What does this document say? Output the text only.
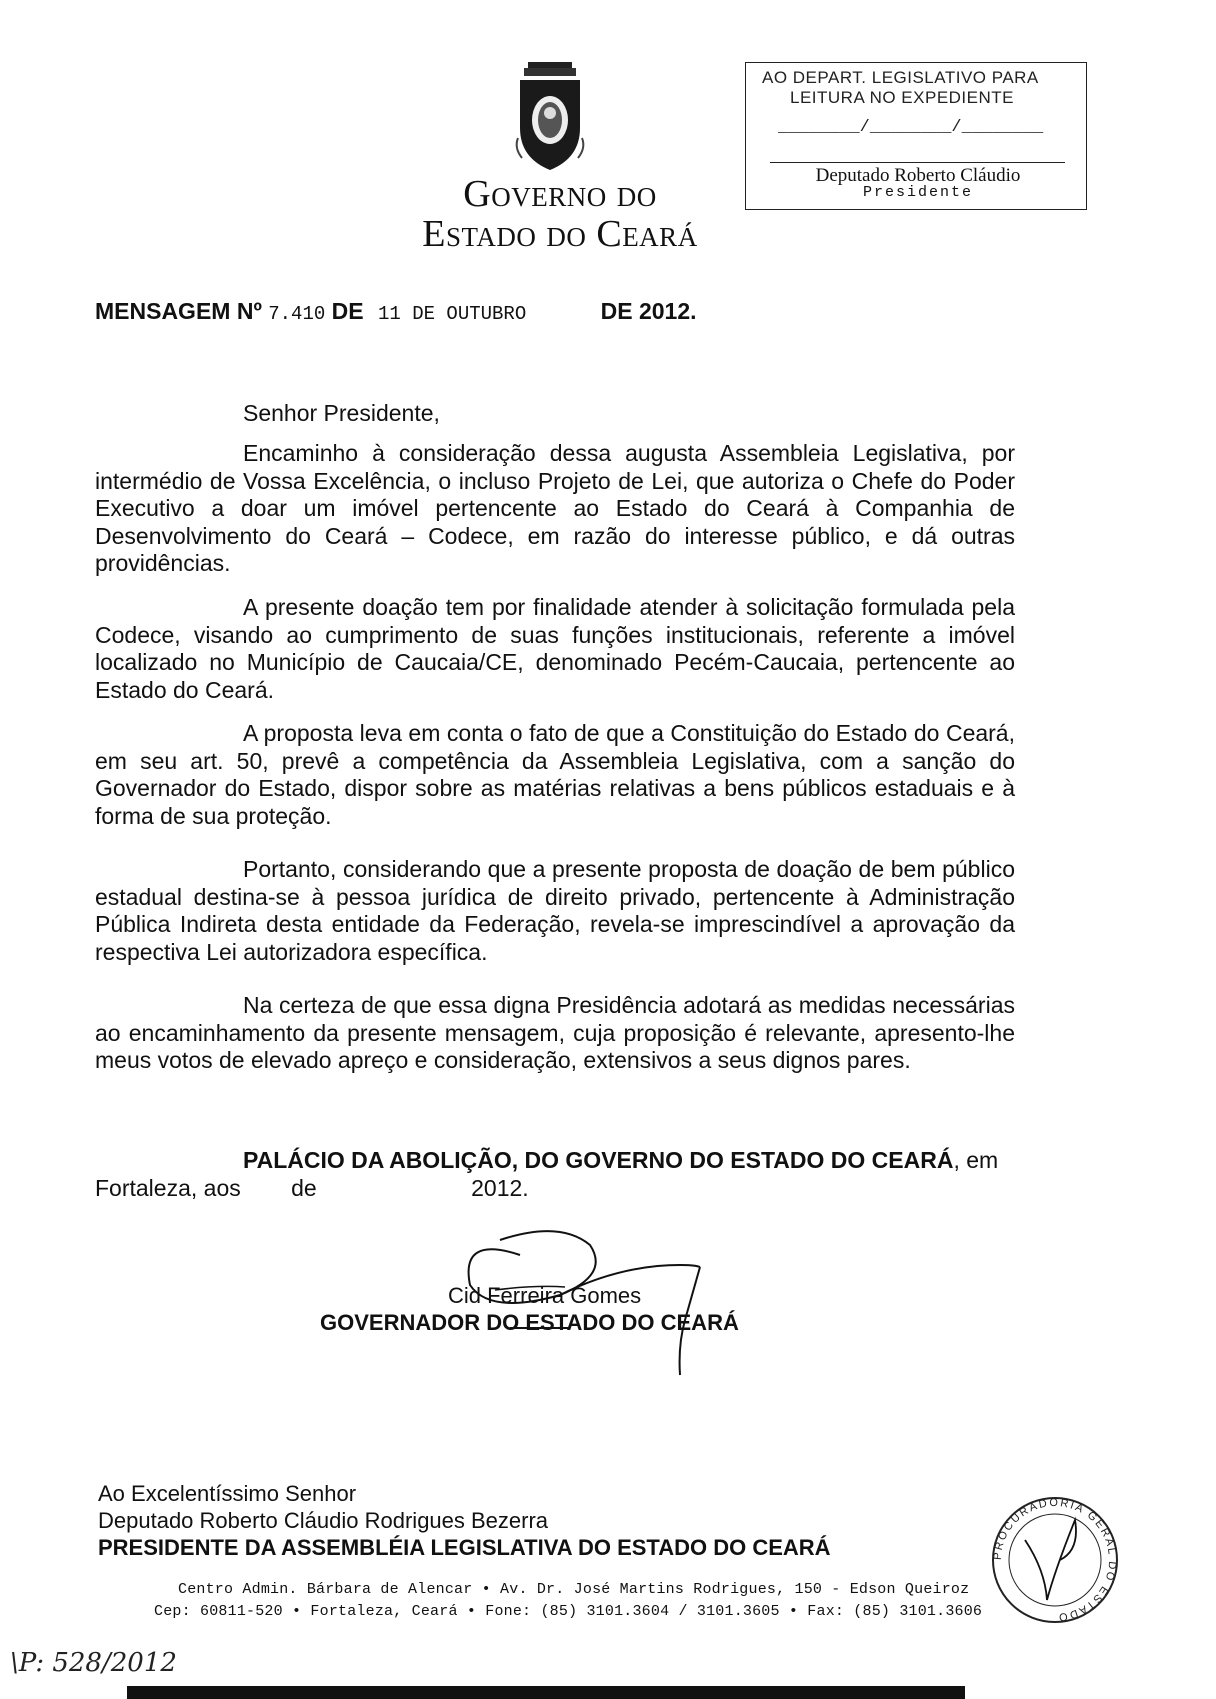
Governo do
Estado do Ceará
AO DEPART. LEGISLATIVO PARA
LEITURA NO EXPEDIENTE
________/________/________
Deputado Roberto Cláudio
Presidente
MENSAGEM Nº 7.410 DE 11 DE OUTUBRO	DE 2012.
Senhor Presidente,
Encaminho à consideração dessa augusta Assembleia Legislativa, por intermédio de Vossa Excelência, o incluso Projeto de Lei, que autoriza o Chefe do Poder Executivo a doar um imóvel pertencente ao Estado do Ceará à Companhia de Desenvolvimento do Ceará – Codece, em razão do interesse público, e dá outras providências.
A presente doação tem por finalidade atender à solicitação formulada pela Codece, visando ao cumprimento de suas funções institucionais, referente a imóvel localizado no Município de Caucaia/CE, denominado Pecém-Caucaia, pertencente ao Estado do Ceará.
A proposta leva em conta o fato de que a Constituição do Estado do Ceará, em seu art. 50, prevê a competência da Assembleia Legislativa, com a sanção do Governador do Estado, dispor sobre as matérias relativas a bens públicos estaduais e à forma de sua proteção.
Portanto, considerando que a presente proposta de doação de bem público estadual destina-se à pessoa jurídica de direito privado, pertencente à Administração Pública Indireta desta entidade da Federação, revela-se imprescindível a aprovação da respectiva Lei autorizadora específica.
Na certeza de que essa digna Presidência adotará as medidas necessárias ao encaminhamento da presente mensagem, cuja proposição é relevante, apresento-lhe meus votos de elevado apreço e consideração, extensivos a seus dignos pares.
PALÁCIO DA ABOLIÇÃO, DO GOVERNO DO ESTADO DO CEARÁ, em Fortaleza, aos de	2012.
Cid Ferreira Gomes
GOVERNADOR DO ESTADO DO CEARÁ
Ao Excelentíssimo Senhor
Deputado Roberto Cláudio Rodrigues Bezerra
PRESIDENTE DA ASSEMBLÉIA LEGISLATIVA DO ESTADO DO CEARÁ
Centro Admin. Bárbara de Alencar • Av. Dr. José Martins Rodrigues, 150 - Edson Queiroz
Cep: 60811-520 • Fortaleza, Ceará • Fone: (85) 3101.3604 / 3101.3605 • Fax: (85) 3101.3606
PROCURADORIA GERAL DO ESTADO
\P: 528/2012
